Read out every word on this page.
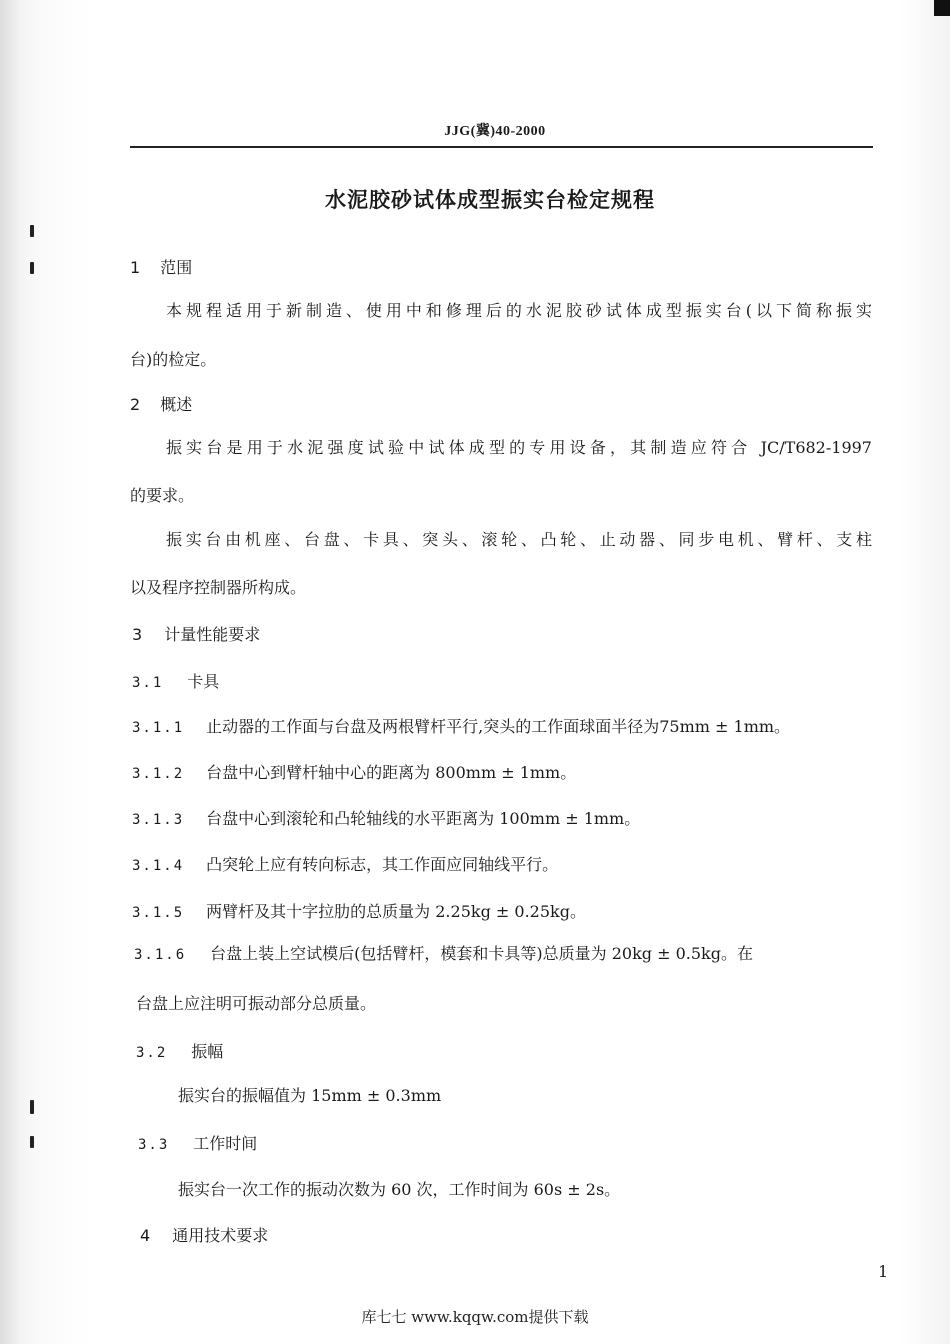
JJG(冀)40-2000
水泥胶砂试体成型振实台检定规程
1 范围
本规程适用于新制造、使用中和修理后的水泥胶砂试体成型振实台(以下简称振实
台)的检定。
2 概述
振实台是用于水泥强度试验中试体成型的专用设备，其制造应符合 JC/T682-1997
的要求。
振实台由机座、台盘、卡具、突头、滚轮、凸轮、止动器、同步电机、臂杆、支柱
以及程序控制器所构成。
3 计量性能要求
3.1 卡具
3.1.1 止动器的工作面与台盘及两根臂杆平行,突头的工作面球面半径为75mm ± 1mm。
3.1.2 台盘中心到臂杆轴中心的距离为 800mm ± 1mm。
3.1.3 台盘中心到滚轮和凸轮轴线的水平距离为 100mm ± 1mm。
3.1.4 凸突轮上应有转向标志，其工作面应同轴线平行。
3.1.5 两臂杆及其十字拉肋的总质量为 2.25kg ± 0.25kg。
3.1.6 台盘上装上空试模后(包括臂杆，模套和卡具等)总质量为 20kg ± 0.5kg。在
台盘上应注明可振动部分总质量。
3.2 振幅
振实台的振幅值为 15mm ± 0.3mm
3.3 工作时间
振实台一次工作的振动次数为 60 次，工作时间为 60s ± 2s。
4 通用技术要求
1
库七七 www.kqqw.com提供下载
